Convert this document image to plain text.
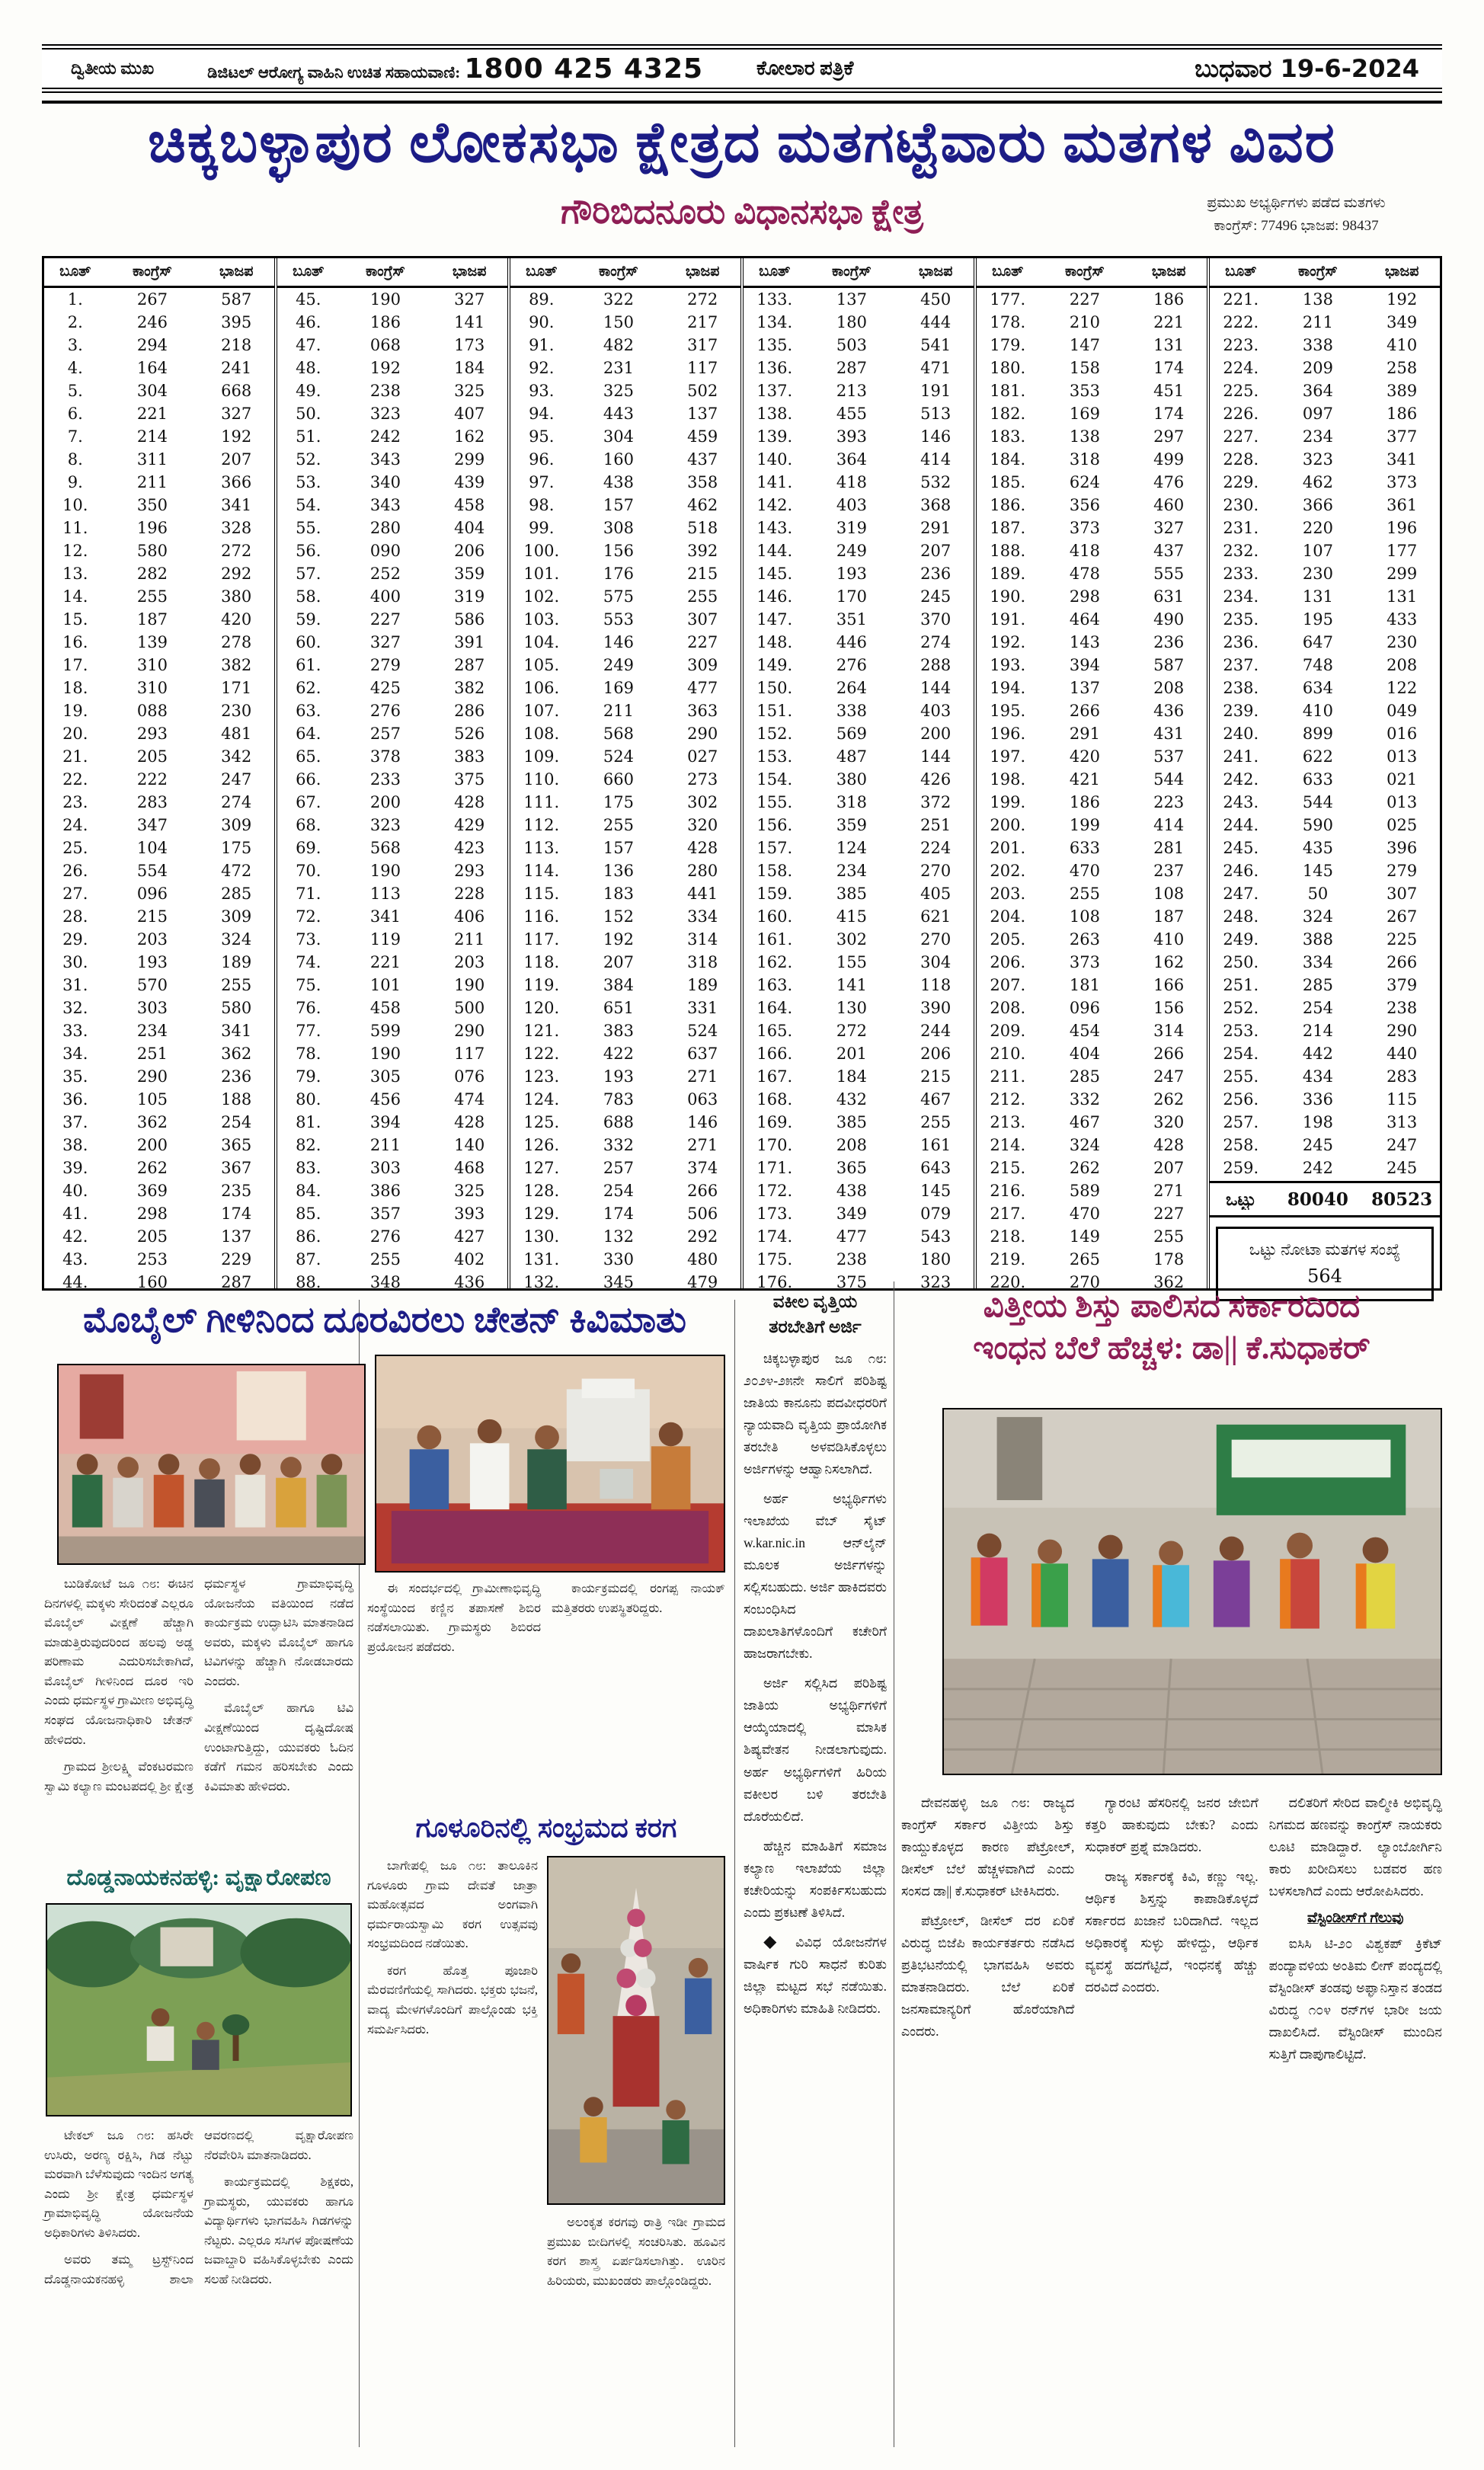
ದ್ವಿತೀಯ ಮುಖ	ಡಿಜಿಟಲ್ ಆರೋಗ್ಯ ವಾಹಿನಿ ಉಚಿತ ಸಹಾಯವಾಣಿ: 1800 425 4325	ಕೋಲಾರ ಪತ್ರಿಕೆ	ಬುಧವಾರ 19-6-2024
ಚಿಕ್ಕಬಳ್ಳಾಪುರ ಲೋಕಸಭಾ ಕ್ಷೇತ್ರದ ಮತಗಟ್ಟೆವಾರು ಮತಗಳ ವಿವರ
ಗೌರಿಬಿದನೂರು ವಿಧಾನಸಭಾ ಕ್ಷೇತ್ರ	ಪ್ರಮುಖ ಅಭ್ಯರ್ಥಿಗಳು ಪಡೆದ ಮತಗಳು
ಕಾಂಗ್ರೆಸ್: 77496 ಭಾಜಪ: 98437
ಬೂತ್	ಕಾಂಗ್ರೆಸ್	ಭಾಜಪ
1.	267	587
2.	246	395
3.	294	218
4.	164	241
5.	304	668
6.	221	327
7.	214	192
8.	311	207
9.	211	366
10.	350	341
11.	196	328
12.	580	272
13.	282	292
14.	255	380
15.	187	420
16.	139	278
17.	310	382
18.	310	171
19.	088	230
20.	293	481
21.	205	342
22.	222	247
23.	283	274
24.	347	309
25.	104	175
26.	554	472
27.	096	285
28.	215	309
29.	203	324
30.	193	189
31.	570	255
32.	303	580
33.	234	341
34.	251	362
35.	290	236
36.	105	188
37.	362	254
38.	200	365
39.	262	367
40.	369	235
41.	298	174
42.	205	137
43.	253	229
44.	160	287
ಬೂತ್	ಕಾಂಗ್ರೆಸ್	ಭಾಜಪ
45.	190	327
46.	186	141
47.	068	173
48.	192	184
49.	238	325
50.	323	407
51.	242	162
52.	343	299
53.	340	439
54.	343	458
55.	280	404
56.	090	206
57.	252	359
58.	400	319
59.	227	586
60.	327	391
61.	279	287
62.	425	382
63.	276	286
64.	257	526
65.	378	383
66.	233	375
67.	200	428
68.	323	429
69.	568	423
70.	190	293
71.	113	228
72.	341	406
73.	119	211
74.	221	203
75.	101	190
76.	458	500
77.	599	290
78.	190	117
79.	305	076
80.	456	474
81.	394	428
82.	211	140
83.	303	468
84.	386	325
85.	357	393
86.	276	427
87.	255	402
88.	348	436
ಬೂತ್	ಕಾಂಗ್ರೆಸ್	ಭಾಜಪ
89.	322	272
90.	150	217
91.	482	317
92.	231	117
93.	325	502
94.	443	137
95.	304	459
96.	160	437
97.	438	358
98.	157	462
99.	308	518
100.	156	392
101.	176	215
102.	575	255
103.	553	307
104.	146	227
105.	249	309
106.	169	477
107.	211	363
108.	568	290
109.	524	027
110.	660	273
111.	175	302
112.	255	320
113.	157	428
114.	136	280
115.	183	441
116.	152	334
117.	192	314
118.	207	318
119.	384	189
120.	651	331
121.	383	524
122.	422	637
123.	193	271
124.	783	063
125.	688	146
126.	332	271
127.	257	374
128.	254	266
129.	174	506
130.	132	292
131.	330	480
132.	345	479
ಬೂತ್	ಕಾಂಗ್ರೆಸ್	ಭಾಜಪ
133.	137	450
134.	180	444
135.	503	541
136.	287	471
137.	213	191
138.	455	513
139.	393	146
140.	364	414
141.	418	532
142.	403	368
143.	319	291
144.	249	207
145.	193	236
146.	170	245
147.	351	370
148.	446	274
149.	276	288
150.	264	144
151.	338	403
152.	569	200
153.	487	144
154.	380	426
155.	318	372
156.	359	251
157.	124	224
158.	234	270
159.	385	405
160.	415	621
161.	302	270
162.	155	304
163.	141	118
164.	130	390
165.	272	244
166.	201	206
167.	184	215
168.	432	467
169.	385	255
170.	208	161
171.	365	643
172.	438	145
173.	349	079
174.	477	543
175.	238	180
176.	375	323
ಬೂತ್	ಕಾಂಗ್ರೆಸ್	ಭಾಜಪ
177.	227	186
178.	210	221
179.	147	131
180.	158	174
181.	353	451
182.	169	174
183.	138	297
184.	318	499
185.	624	476
186.	356	460
187.	373	327
188.	418	437
189.	478	555
190.	298	631
191.	464	490
192.	143	236
193.	394	587
194.	137	208
195.	266	436
196.	291	431
197.	420	537
198.	421	544
199.	186	223
200.	199	414
201.	633	281
202.	470	237
203.	255	108
204.	108	187
205.	263	410
206.	373	162
207.	181	166
208.	096	156
209.	454	314
210.	404	266
211.	285	247
212.	332	262
213.	467	320
214.	324	428
215.	262	207
216.	589	271
217.	470	227
218.	149	255
219.	265	178
220.	270	362
ಬೂತ್	ಕಾಂಗ್ರೆಸ್	ಭಾಜಪ
221.	138	192
222.	211	349
223.	338	410
224.	209	258
225.	364	389
226.	097	186
227.	234	377
228.	323	341
229.	462	373
230.	366	361
231.	220	196
232.	107	177
233.	230	299
234.	131	131
235.	195	433
236.	647	230
237.	748	208
238.	634	122
239.	410	049
240.	899	016
241.	622	013
242.	633	021
243.	544	013
244.	590	025
245.	435	396
246.	145	279
247.	50	307
248.	324	267
249.	388	225
250.	334	266
251.	285	379
252.	254	238
253.	214	290
254.	442	440
255.	434	283
256.	336	115
257.	198	313
258.	245	247
259.	242	245
ಒಟ್ಟು	80040	80523
ಒಟ್ಟು ನೋಟಾ ಮತಗಳ ಸಂಖ್ಯೆ
564
ಮೊಬೈಲ್ ಗೀಳಿನಿಂದ ದೂರವಿರಲು ಚೇತನ್ ಕಿವಿಮಾತು

ಬುಡಿಕೋಟೆ ಜೂ ೧೮: ಈಚಿನ ದಿನಗಳಲ್ಲಿ ಮಕ್ಕಳು ಸೇರಿದಂತೆ ಎಲ್ಲರೂ ಮೊಬೈಲ್ ವೀಕ್ಷಣೆ ಹೆಚ್ಚಾಗಿ ಮಾಡುತ್ತಿರುವುದರಿಂದ ಹಲವು ಅಡ್ಡ ಪರಿಣಾಮ ಎದುರಿಸಬೇಕಾಗಿದೆ, ಮೊಬೈಲ್ ಗೀಳಿನಿಂದ ದೂರ ಇರಿ ಎಂದು ಧರ್ಮಸ್ಥಳ ಗ್ರಾಮೀಣ ಅಭಿವೃದ್ಧಿ ಸಂಘದ ಯೋಜನಾಧಿಕಾರಿ ಚೇತನ್ ಹೇಳಿದರು.

ಗ್ರಾಮದ ಶ್ರೀಲಕ್ಷ್ಮಿ ವೆಂಕಟರಮಣ ಸ್ವಾಮಿ ಕಲ್ಯಾಣ ಮಂಟಪದಲ್ಲಿ ಶ್ರೀ ಕ್ಷೇತ್ರ ಧರ್ಮಸ್ಥಳ ಗ್ರಾಮಾಭಿವೃದ್ಧಿ ಯೋಜನೆಯ ವತಿಯಿಂದ ನಡೆದ ಕಾರ್ಯಕ್ರಮ ಉದ್ಘಾಟಿಸಿ ಮಾತನಾಡಿದ ಅವರು, ಮಕ್ಕಳು ಮೊಬೈಲ್ ಹಾಗೂ ಟಿವಿಗಳನ್ನು ಹೆಚ್ಚಾಗಿ ನೋಡಬಾರದು ಎಂದರು.

ಮೊಬೈಲ್ ಹಾಗೂ ಟಿವಿ ವೀಕ್ಷಣೆಯಿಂದ ದೃಷ್ಟಿದೋಷ ಉಂಟಾಗುತ್ತಿದ್ದು, ಯುವಕರು ಓದಿನ ಕಡೆಗೆ ಗಮನ ಹರಿಸಬೇಕು ಎಂದು ಕಿವಿಮಾತು ಹೇಳಿದರು.

ದೊಡ್ಡನಾಯಕನಹಳ್ಳಿ: ವೃಕ್ಷಾರೋಪಣ

ಟೇಕಲ್ ಜೂ ೧೮: ಹಸಿರೇ ಉಸಿರು, ಅರಣ್ಯ ರಕ್ಷಿಸಿ, ಗಿಡ ನೆಟ್ಟು ಮರವಾಗಿ ಬೆಳೆಸುವುದು ಇಂದಿನ ಅಗತ್ಯ ಎಂದು ಶ್ರೀ ಕ್ಷೇತ್ರ ಧರ್ಮಸ್ಥಳ ಗ್ರಾಮಾಭಿವೃದ್ಧಿ ಯೋಜನೆಯ ಅಧಿಕಾರಿಗಳು ತಿಳಿಸಿದರು.

ಅವರು ತಮ್ಮ ಟ್ರಸ್ಟ್‌ನಿಂದ ದೊಡ್ಡನಾಯಕನಹಳ್ಳಿ ಶಾಲಾ ಆವರಣದಲ್ಲಿ ವೃಕ್ಷಾರೋಪಣ ನೆರವೇರಿಸಿ ಮಾತನಾಡಿದರು.

ಕಾರ್ಯಕ್ರಮದಲ್ಲಿ ಶಿಕ್ಷಕರು, ಗ್ರಾಮಸ್ಥರು, ಯುವಕರು ಹಾಗೂ ವಿದ್ಯಾರ್ಥಿಗಳು ಭಾಗವಹಿಸಿ ಗಿಡಗಳನ್ನು ನೆಟ್ಟರು. ಎಲ್ಲರೂ ಸಸಿಗಳ ಪೋಷಣೆಯ ಜವಾಬ್ದಾರಿ ವಹಿಸಿಕೊಳ್ಳಬೇಕು ಎಂದು ಸಲಹೆ ನೀಡಿದರು.

ಈ ಸಂದರ್ಭದಲ್ಲಿ ಗ್ರಾಮೀಣಾಭಿವೃದ್ಧಿ ಸಂಸ್ಥೆಯಿಂದ ಕಣ್ಣಿನ ತಪಾಸಣೆ ಶಿಬಿರ ನಡೆಸಲಾಯಿತು. ಗ್ರಾಮಸ್ಥರು ಶಿಬಿರದ ಪ್ರಯೋಜನ ಪಡೆದರು.

ಕಾರ್ಯಕ್ರಮದಲ್ಲಿ ರಂಗಪ್ಪ ನಾಯಕ್ ಮತ್ತಿತರರು ಉಪಸ್ಥಿತರಿದ್ದರು.

ಗೂಳೂರಿನಲ್ಲಿ ಸಂಭ್ರಮದ ಕರಗ

ಬಾಗೇಪಲ್ಲಿ ಜೂ ೧೮: ತಾಲೂಕಿನ ಗೂಳೂರು ಗ್ರಾಮ ದೇವತೆ ಜಾತ್ರಾ ಮಹೋತ್ಸವದ ಅಂಗವಾಗಿ ಧರ್ಮರಾಯಸ್ವಾಮಿ ಕರಗ ಉತ್ಸವವು ಸಂಭ್ರಮದಿಂದ ನಡೆಯಿತು.

ಕರಗ ಹೊತ್ತ ಪೂಜಾರಿ ಮೆರವಣಿಗೆಯಲ್ಲಿ ಸಾಗಿದರು. ಭಕ್ತರು ಭಜನೆ, ವಾದ್ಯ ಮೇಳಗಳೊಂದಿಗೆ ಪಾಲ್ಗೊಂಡು ಭಕ್ತಿ ಸಮರ್ಪಿಸಿದರು.

ಅಲಂಕೃತ ಕರಗವು ರಾತ್ರಿ ಇಡೀ ಗ್ರಾಮದ ಪ್ರಮುಖ ಬೀದಿಗಳಲ್ಲಿ ಸಂಚರಿಸಿತು. ಹೂವಿನ ಕರಗ ಶಾಸ್ತ್ರ ಏರ್ಪಡಿಸಲಾಗಿತ್ತು. ಊರಿನ ಹಿರಿಯರು, ಮುಖಂಡರು ಪಾಲ್ಗೊಂಡಿದ್ದರು.

ವಕೀಲ ವೃತ್ತಿಯ
ತರಬೇತಿಗೆ ಅರ್ಜಿ

ಚಿಕ್ಕಬಳ್ಳಾಪುರ ಜೂ ೧೮: ೨೦೨೪-೨೫ನೇ ಸಾಲಿಗೆ ಪರಿಶಿಷ್ಟ ಜಾತಿಯ ಕಾನೂನು ಪದವೀಧರರಿಗೆ ನ್ಯಾಯವಾದಿ ವೃತ್ತಿಯ ಪ್ರಾಯೋಗಿಕ ತರಬೇತಿ ಅಳವಡಿಸಿಕೊಳ್ಳಲು ಅರ್ಜಿಗಳನ್ನು ಆಹ್ವಾನಿಸಲಾಗಿದೆ.

ಅರ್ಹ ಅಭ್ಯರ್ಥಿಗಳು ಇಲಾಖೆಯ ವೆಬ್ ಸೈಟ್ w.kar.nic.in ಆನ್‌ಲೈನ್ ಮೂಲಕ ಅರ್ಜಿಗಳನ್ನು ಸಲ್ಲಿಸಬಹುದು. ಅರ್ಜಿ ಹಾಕಿದವರು ಸಂಬಂಧಿಸಿದ ದಾಖಲಾತಿಗಳೊಂದಿಗೆ ಕಚೇರಿಗೆ ಹಾಜರಾಗಬೇಕು.

ಅರ್ಜಿ ಸಲ್ಲಿಸಿದ ಪರಿಶಿಷ್ಟ ಜಾತಿಯ ಅಭ್ಯರ್ಥಿಗಳಿಗೆ ಆಯ್ಕೆಯಾದಲ್ಲಿ ಮಾಸಿಕ ಶಿಷ್ಯವೇತನ ನೀಡಲಾಗುವುದು. ಅರ್ಹ ಅಭ್ಯರ್ಥಿಗಳಿಗೆ ಹಿರಿಯ ವಕೀಲರ ಬಳಿ ತರಬೇತಿ ದೊರೆಯಲಿದೆ.

ಹೆಚ್ಚಿನ ಮಾಹಿತಿಗೆ ಸಮಾಜ ಕಲ್ಯಾಣ ಇಲಾಖೆಯ ಜಿಲ್ಲಾ ಕಚೇರಿಯನ್ನು ಸಂಪರ್ಕಿಸಬಹುದು ಎಂದು ಪ್ರಕಟಣೆ ತಿಳಿಸಿದೆ.

◆ ವಿವಿಧ ಯೋಜನೆಗಳ ವಾರ್ಷಿಕ ಗುರಿ ಸಾಧನೆ ಕುರಿತು ಜಿಲ್ಲಾ ಮಟ್ಟದ ಸಭೆ ನಡೆಯಿತು. ಅಧಿಕಾರಿಗಳು ಮಾಹಿತಿ ನೀಡಿದರು.

ವಿತ್ತೀಯ ಶಿಸ್ತು ಪಾಲಿಸದ ಸರ್ಕಾರದಿಂದ
ಇಂಧನ ಬೆಲೆ ಹೆಚ್ಚಳ: ಡಾ|| ಕೆ.ಸುಧಾಕರ್

ದೇವನಹಳ್ಳಿ ಜೂ ೧೮: ರಾಜ್ಯದ ಕಾಂಗ್ರೆಸ್ ಸರ್ಕಾರ ವಿತ್ತೀಯ ಶಿಸ್ತು ಕಾಯ್ದುಕೊಳ್ಳದ ಕಾರಣ ಪೆಟ್ರೋಲ್, ಡೀಸೆಲ್ ಬೆಲೆ ಹೆಚ್ಚಳವಾಗಿದೆ ಎಂದು ಸಂಸದ ಡಾ|| ಕೆ.ಸುಧಾಕರ್ ಟೀಕಿಸಿದರು.

ಪೆಟ್ರೋಲ್, ಡೀಸೆಲ್ ದರ ಏರಿಕೆ ವಿರುದ್ಧ ಬಿಜೆಪಿ ಕಾರ್ಯಕರ್ತರು ನಡೆಸಿದ ಪ್ರತಿಭಟನೆಯಲ್ಲಿ ಭಾಗವಹಿಸಿ ಅವರು ಮಾತನಾಡಿದರು. ಬೆಲೆ ಏರಿಕೆ ಜನಸಾಮಾನ್ಯರಿಗೆ ಹೊರೆಯಾಗಿದೆ ಎಂದರು.

ಗ್ಯಾರಂಟಿ ಹೆಸರಿನಲ್ಲಿ ಜನರ ಜೇಬಿಗೆ ಕತ್ತರಿ ಹಾಕುವುದು ಬೇಕು? ಎಂದು ಸುಧಾಕರ್ ಪ್ರಶ್ನೆ ಮಾಡಿದರು.

ರಾಜ್ಯ ಸರ್ಕಾರಕ್ಕೆ ಕಿವಿ, ಕಣ್ಣು ಇಲ್ಲ. ಆರ್ಥಿಕ ಶಿಸ್ತನ್ನು ಕಾಪಾಡಿಕೊಳ್ಳದೆ ಸರ್ಕಾರದ ಖಜಾನೆ ಬರಿದಾಗಿದೆ. ಇಲ್ಲದ ಅಧಿಕಾರಕ್ಕೆ ಸುಳ್ಳು ಹೇಳಿದ್ದು, ಆರ್ಥಿಕ ವ್ಯವಸ್ಥೆ ಹದಗೆಟ್ಟಿದೆ, ಇಂಧನಕ್ಕೆ ಹೆಚ್ಚು ದರವಿದೆ ಎಂದರು.

ದಲಿತರಿಗೆ ಸೇರಿದ ವಾಲ್ಮೀಕಿ ಅಭಿವೃದ್ಧಿ ನಿಗಮದ ಹಣವನ್ನು ಕಾಂಗ್ರೆಸ್ ನಾಯಕರು ಲೂಟಿ ಮಾಡಿದ್ದಾರೆ. ಲ್ಯಾಂಬೋರ್ಗಿನಿ ಕಾರು ಖರೀದಿಸಲು ಬಡವರ ಹಣ ಬಳಸಲಾಗಿದೆ ಎಂದು ಆರೋಪಿಸಿದರು.

ವೆಸ್ಟಿಂಡೀಸ್‌ಗೆ ಗೆಲುವು

ಐಸಿಸಿ ಟಿ-೨೦ ವಿಶ್ವಕಪ್ ಕ್ರಿಕೆಟ್ ಪಂದ್ಯಾವಳಿಯ ಅಂತಿಮ ಲೀಗ್ ಪಂದ್ಯದಲ್ಲಿ ವೆಸ್ಟಿಂಡೀಸ್ ತಂಡವು ಅಫ್ಘಾನಿಸ್ತಾನ ತಂಡದ ವಿರುದ್ಧ ೧೦೪ ರನ್‌ಗಳ ಭಾರೀ ಜಯ ದಾಖಲಿಸಿದೆ. ವೆಸ್ಟಿಂಡೀಸ್ ಮುಂದಿನ ಸುತ್ತಿಗೆ ದಾಪುಗಾಲಿಟ್ಟಿದೆ.
